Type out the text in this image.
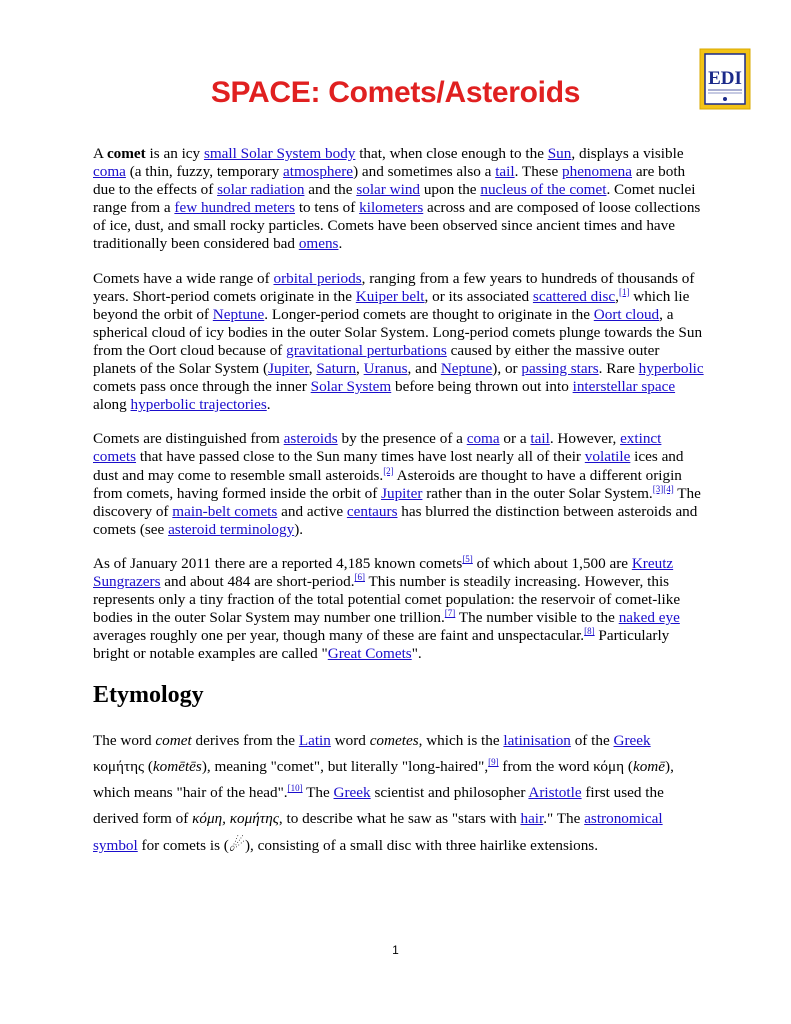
EDI
SPACE: Comets/Asteroids

A comet is an icy small Solar System body that, when close enough to the Sun, displays a visible coma (a thin, fuzzy, temporary atmosphere) and sometimes also a tail. These phenomena are both due to the effects of solar radiation and the solar wind upon the nucleus of the comet. Comet nuclei range from a few hundred meters to tens of kilometers across and are composed of loose collections of ice, dust, and small rocky particles. Comets have been observed since ancient times and have traditionally been considered bad omens.

Comets have a wide range of orbital periods, ranging from a few years to hundreds of thousands of years. Short-period comets originate in the Kuiper belt, or its associated scattered disc,[1] which lie beyond the orbit of Neptune. Longer-period comets are thought to originate in the Oort cloud, a spherical cloud of icy bodies in the outer Solar System. Long-period comets plunge towards the Sun from the Oort cloud because of gravitational perturbations caused by either the massive outer planets of the Solar System (Jupiter, Saturn, Uranus, and Neptune), or passing stars. Rare hyperbolic comets pass once through the inner Solar System before being thrown out into interstellar space along hyperbolic trajectories.

Comets are distinguished from asteroids by the presence of a coma or a tail. However, extinct comets that have passed close to the Sun many times have lost nearly all of their volatile ices and dust and may come to resemble small asteroids.[2] Asteroids are thought to have a different origin from comets, having formed inside the orbit of Jupiter rather than in the outer Solar System.[3][4] The discovery of main-belt comets and active centaurs has blurred the distinction between asteroids and comets (see asteroid terminology).

As of January 2011 there are a reported 4,185 known comets[5] of which about 1,500 are Kreutz Sungrazers and about 484 are short-period.[6] This number is steadily increasing. However, this represents only a tiny fraction of the total potential comet population: the reservoir of comet-like bodies in the outer Solar System may number one trillion.[7] The number visible to the naked eye averages roughly one per year, though many of these are faint and unspectacular.[8] Particularly bright or notable examples are called "Great Comets".

Etymology

The word comet derives from the Latin word cometes, which is the latinisation of the Greek κομήτης (komētēs), meaning "comet", but literally "long-haired",[9] from the word κόμη (komē), which means "hair of the head".[10] The Greek scientist and philosopher Aristotle first used the derived form of κόμη, κομήτης, to describe what he saw as "stars with hair." The astronomical symbol for comets is (☄), consisting of a small disc with three hairlike extensions.

1
